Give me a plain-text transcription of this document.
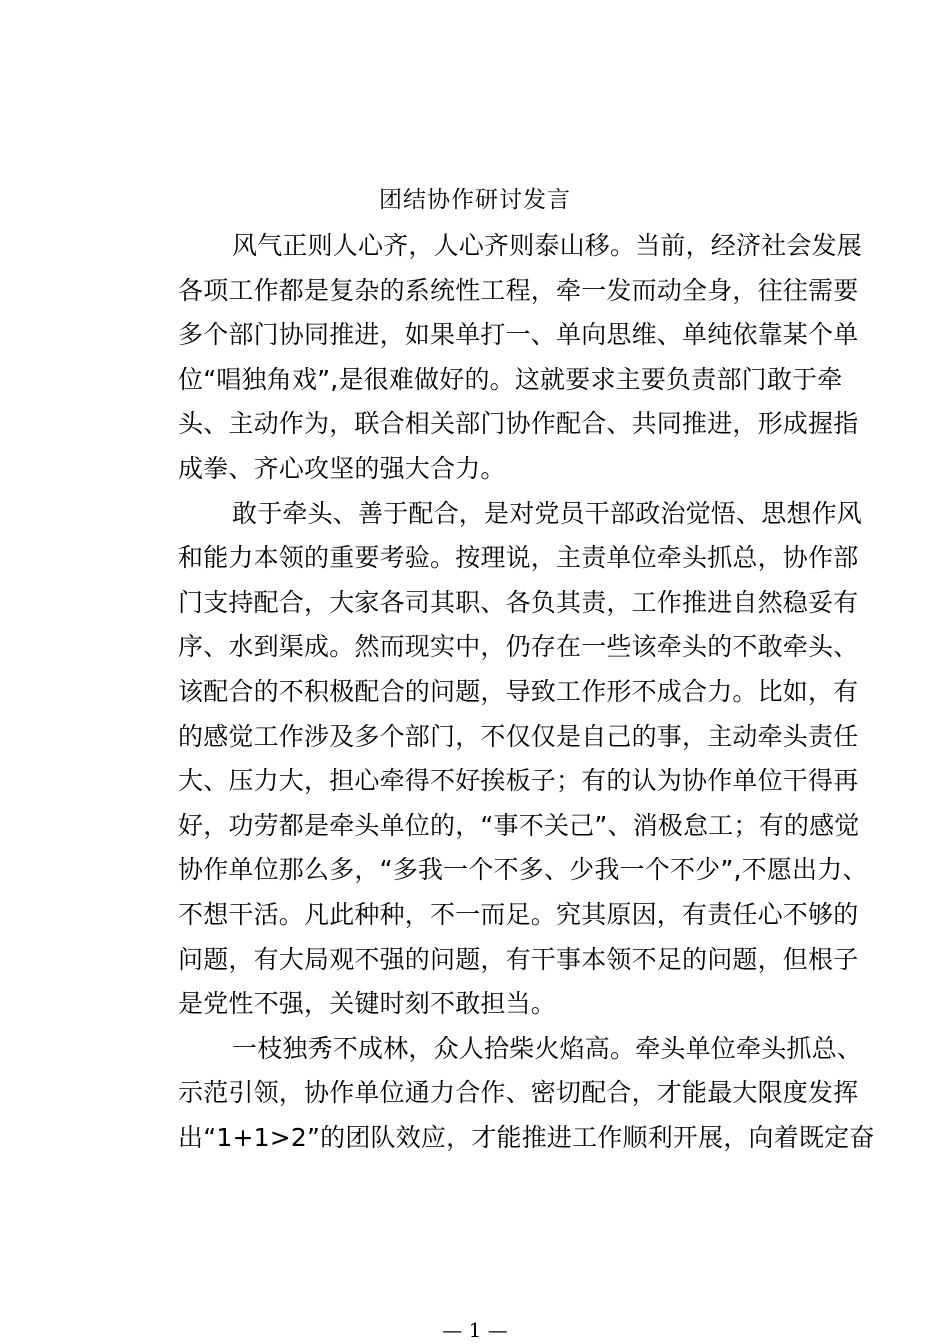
团结协作研讨发言
风气正则人心齐，人心齐则泰山移。当前，经济社会发展
各项工作都是复杂的系统性工程，牵一发而动全身，往往需要
多个部门协同推进，如果单打一、单向思维、单纯依靠某个单
位“唱独角戏”,是很难做好的。这就要求主要负责部门敢于牵
头、主动作为，联合相关部门协作配合、共同推进，形成握指
成拳、齐心攻坚的强大合力。
敢于牵头、善于配合，是对党员干部政治觉悟、思想作风
和能力本领的重要考验。按理说，主责单位牵头抓总，协作部
门支持配合，大家各司其职、各负其责，工作推进自然稳妥有
序、水到渠成。然而现实中，仍存在一些该牵头的不敢牵头、
该配合的不积极配合的问题，导致工作形不成合力。比如，有
的感觉工作涉及多个部门，不仅仅是自己的事，主动牵头责任
大、压力大，担心牵得不好挨板子；有的认为协作单位干得再
好，功劳都是牵头单位的，“事不关己”、消极怠工；有的感觉
协作单位那么多，“多我一个不多、少我一个不少”,不愿出力、
不想干活。凡此种种，不一而足。究其原因，有责任心不够的
问题，有大局观不强的问题，有干事本领不足的问题，但根子
是党性不强，关键时刻不敢担当。
一枝独秀不成林，众人拾柴火焰高。牵头单位牵头抓总、
示范引领，协作单位通力合作、密切配合，才能最大限度发挥
出“1+1>2”的团队效应，才能推进工作顺利开展，向着既定奋
— 1 —
